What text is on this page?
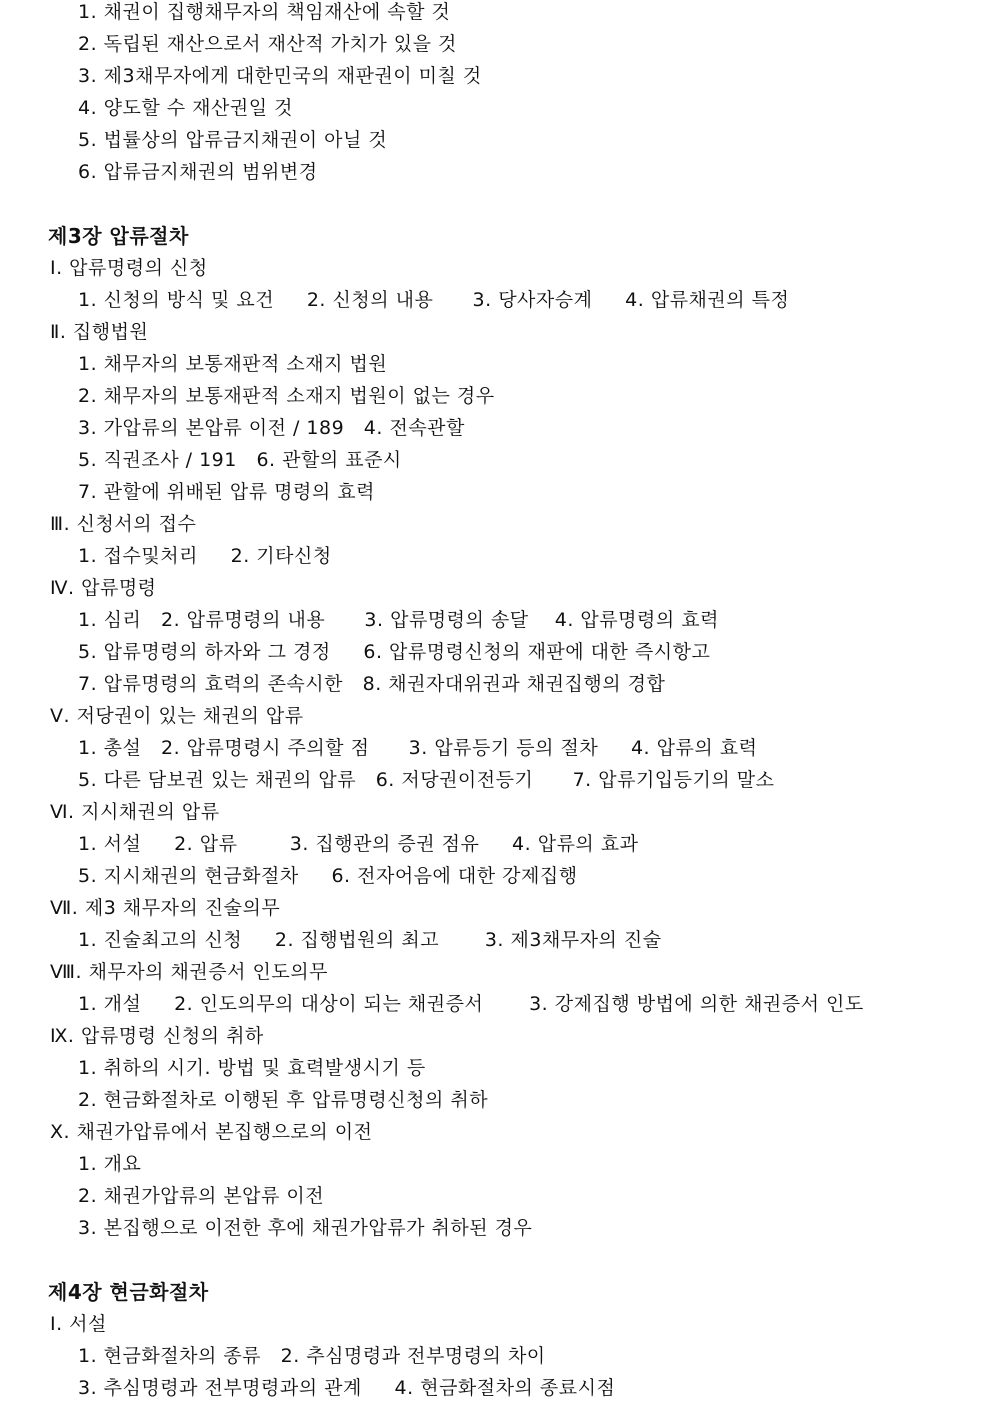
1. 채권이 집행채무자의 책임재산에 속할 것
2. 독립된 재산으로서 재산적 가치가 있을 것
3. 제3채무자에게 대한민국의 재판권이 미칠 것
4. 양도할 수 재산권일 것
5. 법률상의 압류금지채권이 아닐 것
6. 압류금지채권의 범위변경
제3장 압류절차
Ⅰ. 압류명령의 신청
1. 신청의 방식 및 요건     2. 신청의 내용      3. 당사자승계     4. 압류채권의 특정
Ⅱ. 집행법원
1. 채무자의 보통재판적 소재지 법원
2. 채무자의 보통재판적 소재지 법원이 없는 경우
3. 가압류의 본압류 이전 / 189   4. 전속관할
5. 직권조사 / 191   6. 관할의 표준시
7. 관할에 위배된 압류 명령의 효력
Ⅲ. 신청서의 접수
1. 접수및처리     2. 기타신청
Ⅳ. 압류명령
1. 심리   2. 압류명령의 내용      3. 압류명령의 송달    4. 압류명령의 효력
5. 압류명령의 하자와 그 경정     6. 압류명령신청의 재판에 대한 즉시항고
7. 압류명령의 효력의 존속시한   8. 채권자대위권과 채권집행의 경합
Ⅴ. 저당권이 있는 채권의 압류
1. 총설   2. 압류명령시 주의할 점      3. 압류등기 등의 절차     4. 압류의 효력
5. 다른 담보권 있는 채권의 압류   6. 저당권이전등기      7. 압류기입등기의 말소
Ⅵ. 지시채권의 압류
1. 서설     2. 압류        3. 집행관의 증권 점유     4. 압류의 효과
5. 지시채권의 현금화절차     6. 전자어음에 대한 강제집행
Ⅶ. 제3 채무자의 진술의무
1. 진술최고의 신청     2. 집행법원의 최고       3. 제3채무자의 진술
Ⅷ. 채무자의 채권증서 인도의무
1. 개설     2. 인도의무의 대상이 되는 채권증서       3. 강제집행 방법에 의한 채권증서 인도
Ⅸ. 압류명령 신청의 취하
1. 취하의 시기. 방법 및 효력발생시기 등
2. 현금화절차로 이행된 후 압류명령신청의 취하
Ⅹ. 채권가압류에서 본집행으로의 이전
1. 개요
2. 채권가압류의 본압류 이전
3. 본집행으로 이전한 후에 채권가압류가 취하된 경우
제4장 현금화절차
Ⅰ. 서설
1. 현금화절차의 종류   2. 추심명령과 전부명령의 차이
3. 추심명령과 전부명령과의 관계     4. 현금화절차의 종료시점
